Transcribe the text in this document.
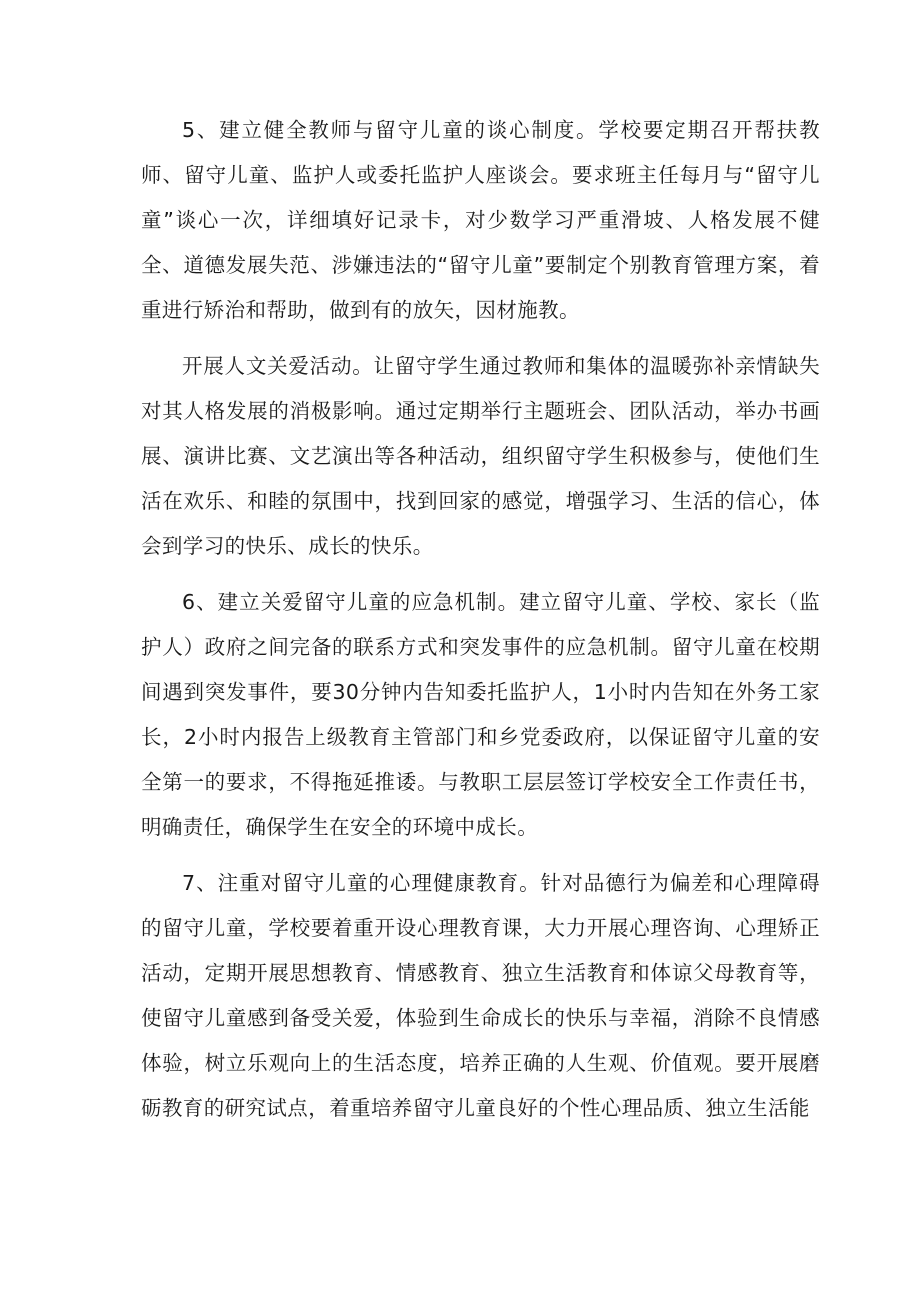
5、建立健全教师与留守儿童的谈心制度。学校要定期召开帮扶教师、留守儿童、监护人或委托监护人座谈会。要求班主任每月与“留守儿童”谈心一次，详细填好记录卡，对少数学习严重滑坡、人格发展不健全、道德发展失范、涉嫌违法的“留守儿童”要制定个别教育管理方案，着重进行矫治和帮助，做到有的放矢，因材施教。

开展人文关爱活动。让留守学生通过教师和集体的温暖弥补亲情缺失对其人格发展的消极影响。通过定期举行主题班会、团队活动，举办书画展、演讲比赛、文艺演出等各种活动，组织留守学生积极参与，使他们生活在欢乐、和睦的氛围中，找到回家的感觉，增强学习、生活的信心，体会到学习的快乐、成长的快乐。

6、建立关爱留守儿童的应急机制。建立留守儿童、学校、家长（监护人）政府之间完备的联系方式和突发事件的应急机制。留守儿童在校期间遇到突发事件，要30分钟内告知委托监护人，1小时内告知在外务工家长，2小时内报告上级教育主管部门和乡党委政府，以保证留守儿童的安全第一的要求，不得拖延推诿。与教职工层层签订学校安全工作责任书，明确责任，确保学生在安全的环境中成长。

7、注重对留守儿童的心理健康教育。针对品德行为偏差和心理障碍的留守儿童，学校要着重开设心理教育课，大力开展心理咨询、心理矫正活动，定期开展思想教育、情感教育、独立生活教育和体谅父母教育等，使留守儿童感到备受关爱，体验到生命成长的快乐与幸福，消除不良情感体验，树立乐观向上的生活态度，培养正确的人生观、价值观。要开展磨砺教育的研究试点，着重培养留守儿童良好的个性心理品质、独立生活能
